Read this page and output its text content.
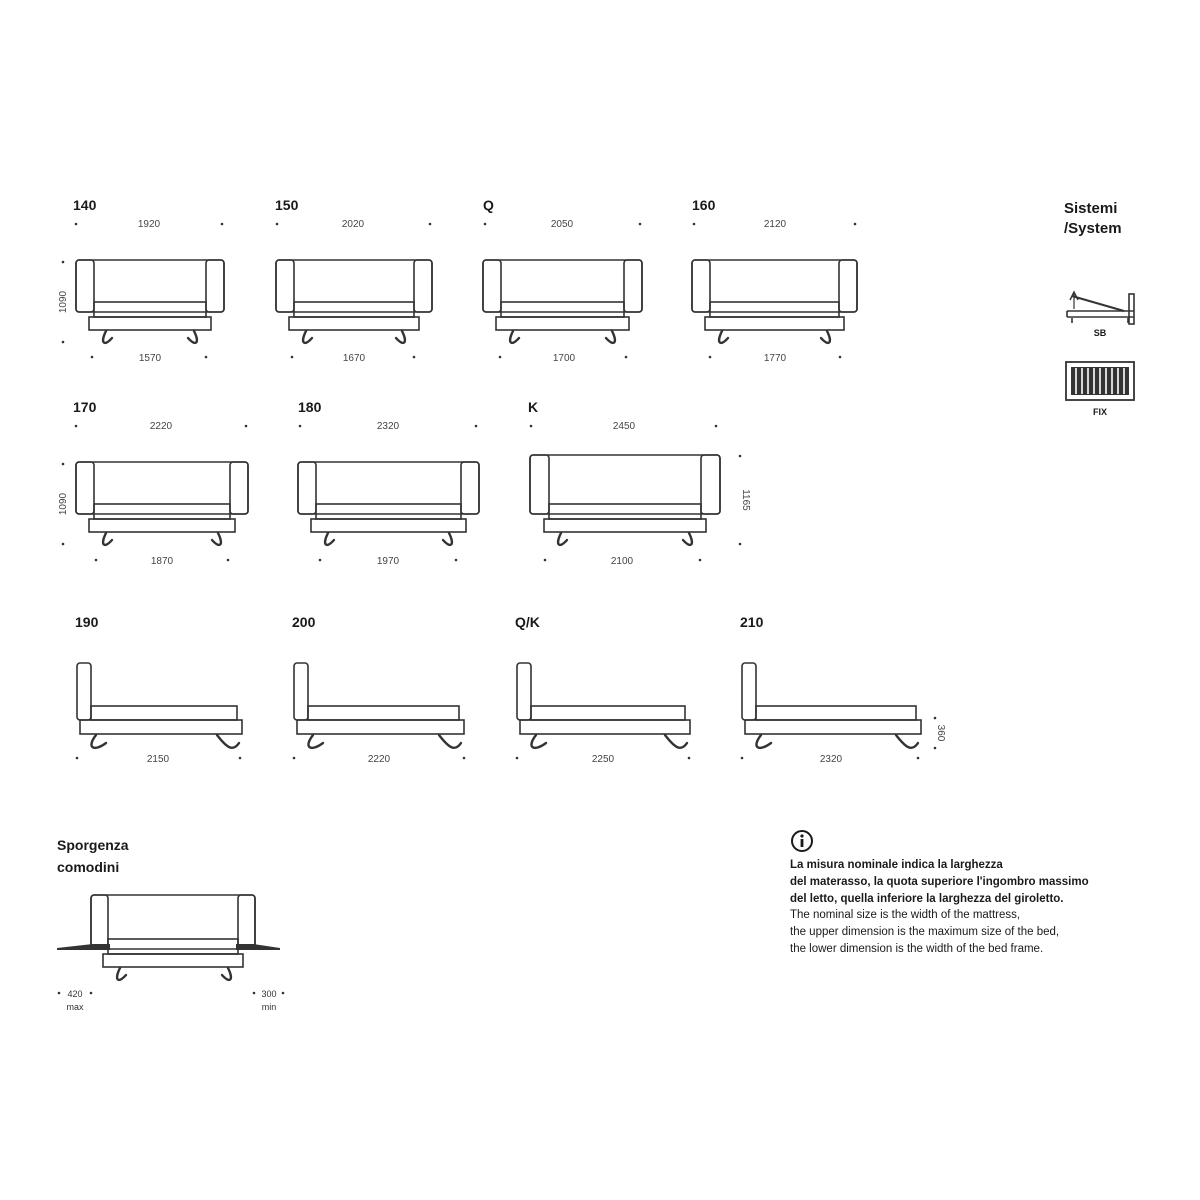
140
1920
1090
1570
150
2020
1670
Q
2050
1700
160
2120
1770
170
2220
1090
1870
180
2320
1970
K
2450
1165
2100
190
2150
200
2220
Q/K
2250
210
2320
360
Sporgenza
comodini
420
max
300
min
Sistemi
/System
SB
FIX
La misura nominale indica la larghezza
del materasso, la quota superiore l'ingombro massimo
del letto, quella inferiore la larghezza del giroletto.
The nominal size is the width of the mattress,
the upper dimension is the maximum size of the bed,
the lower dimension is the width of the bed frame.
